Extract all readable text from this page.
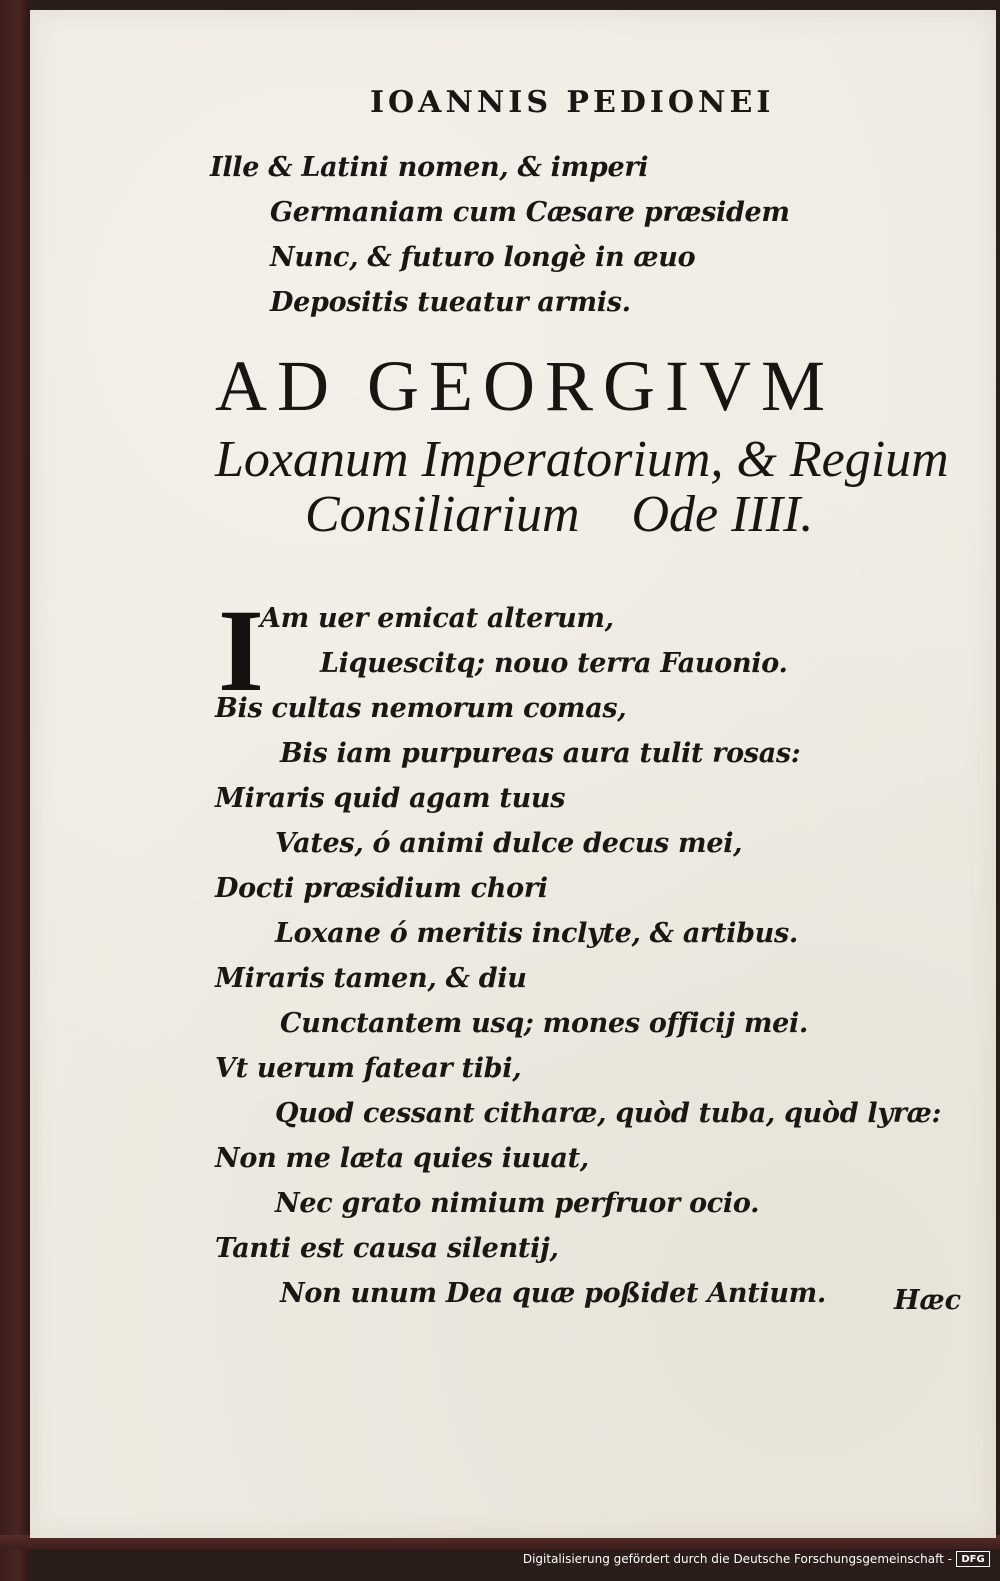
IOANNIS PEDIONEI
Ille & Latini nomen, & imperi
Germaniam cum Cæsare præsidem
Nunc, & futuro longè in æuo
Depositis tueatur armis.
AD GEORGIVM
Loxanum Imperatorium, & Regium
Consiliarium    Ode IIII.
I
Am uer emicat alterum,
Liquescitq; nouo terra Fauonio.
Bis cultas nemorum comas,
Bis iam purpureas aura tulit rosas:
Miraris quid agam tuus
Vates, ó animi dulce decus mei,
Docti præsidium chori
Loxane ó meritis inclyte, & artibus.
Miraris tamen, & diu
Cunctantem usq; mones officij mei.
Vt uerum fatear tibi,
Quod cessant citharæ, quòd tuba, quòd lyræ:
Non me læta quies iuuat,
Nec grato nimium perfruor ocio.
Tanti est causa silentij,
Non unum Dea quæ poßidet Antium.	Hæc
Digitalisierung gefördert durch die Deutsche Forschungsgemeinschaft - DFG
